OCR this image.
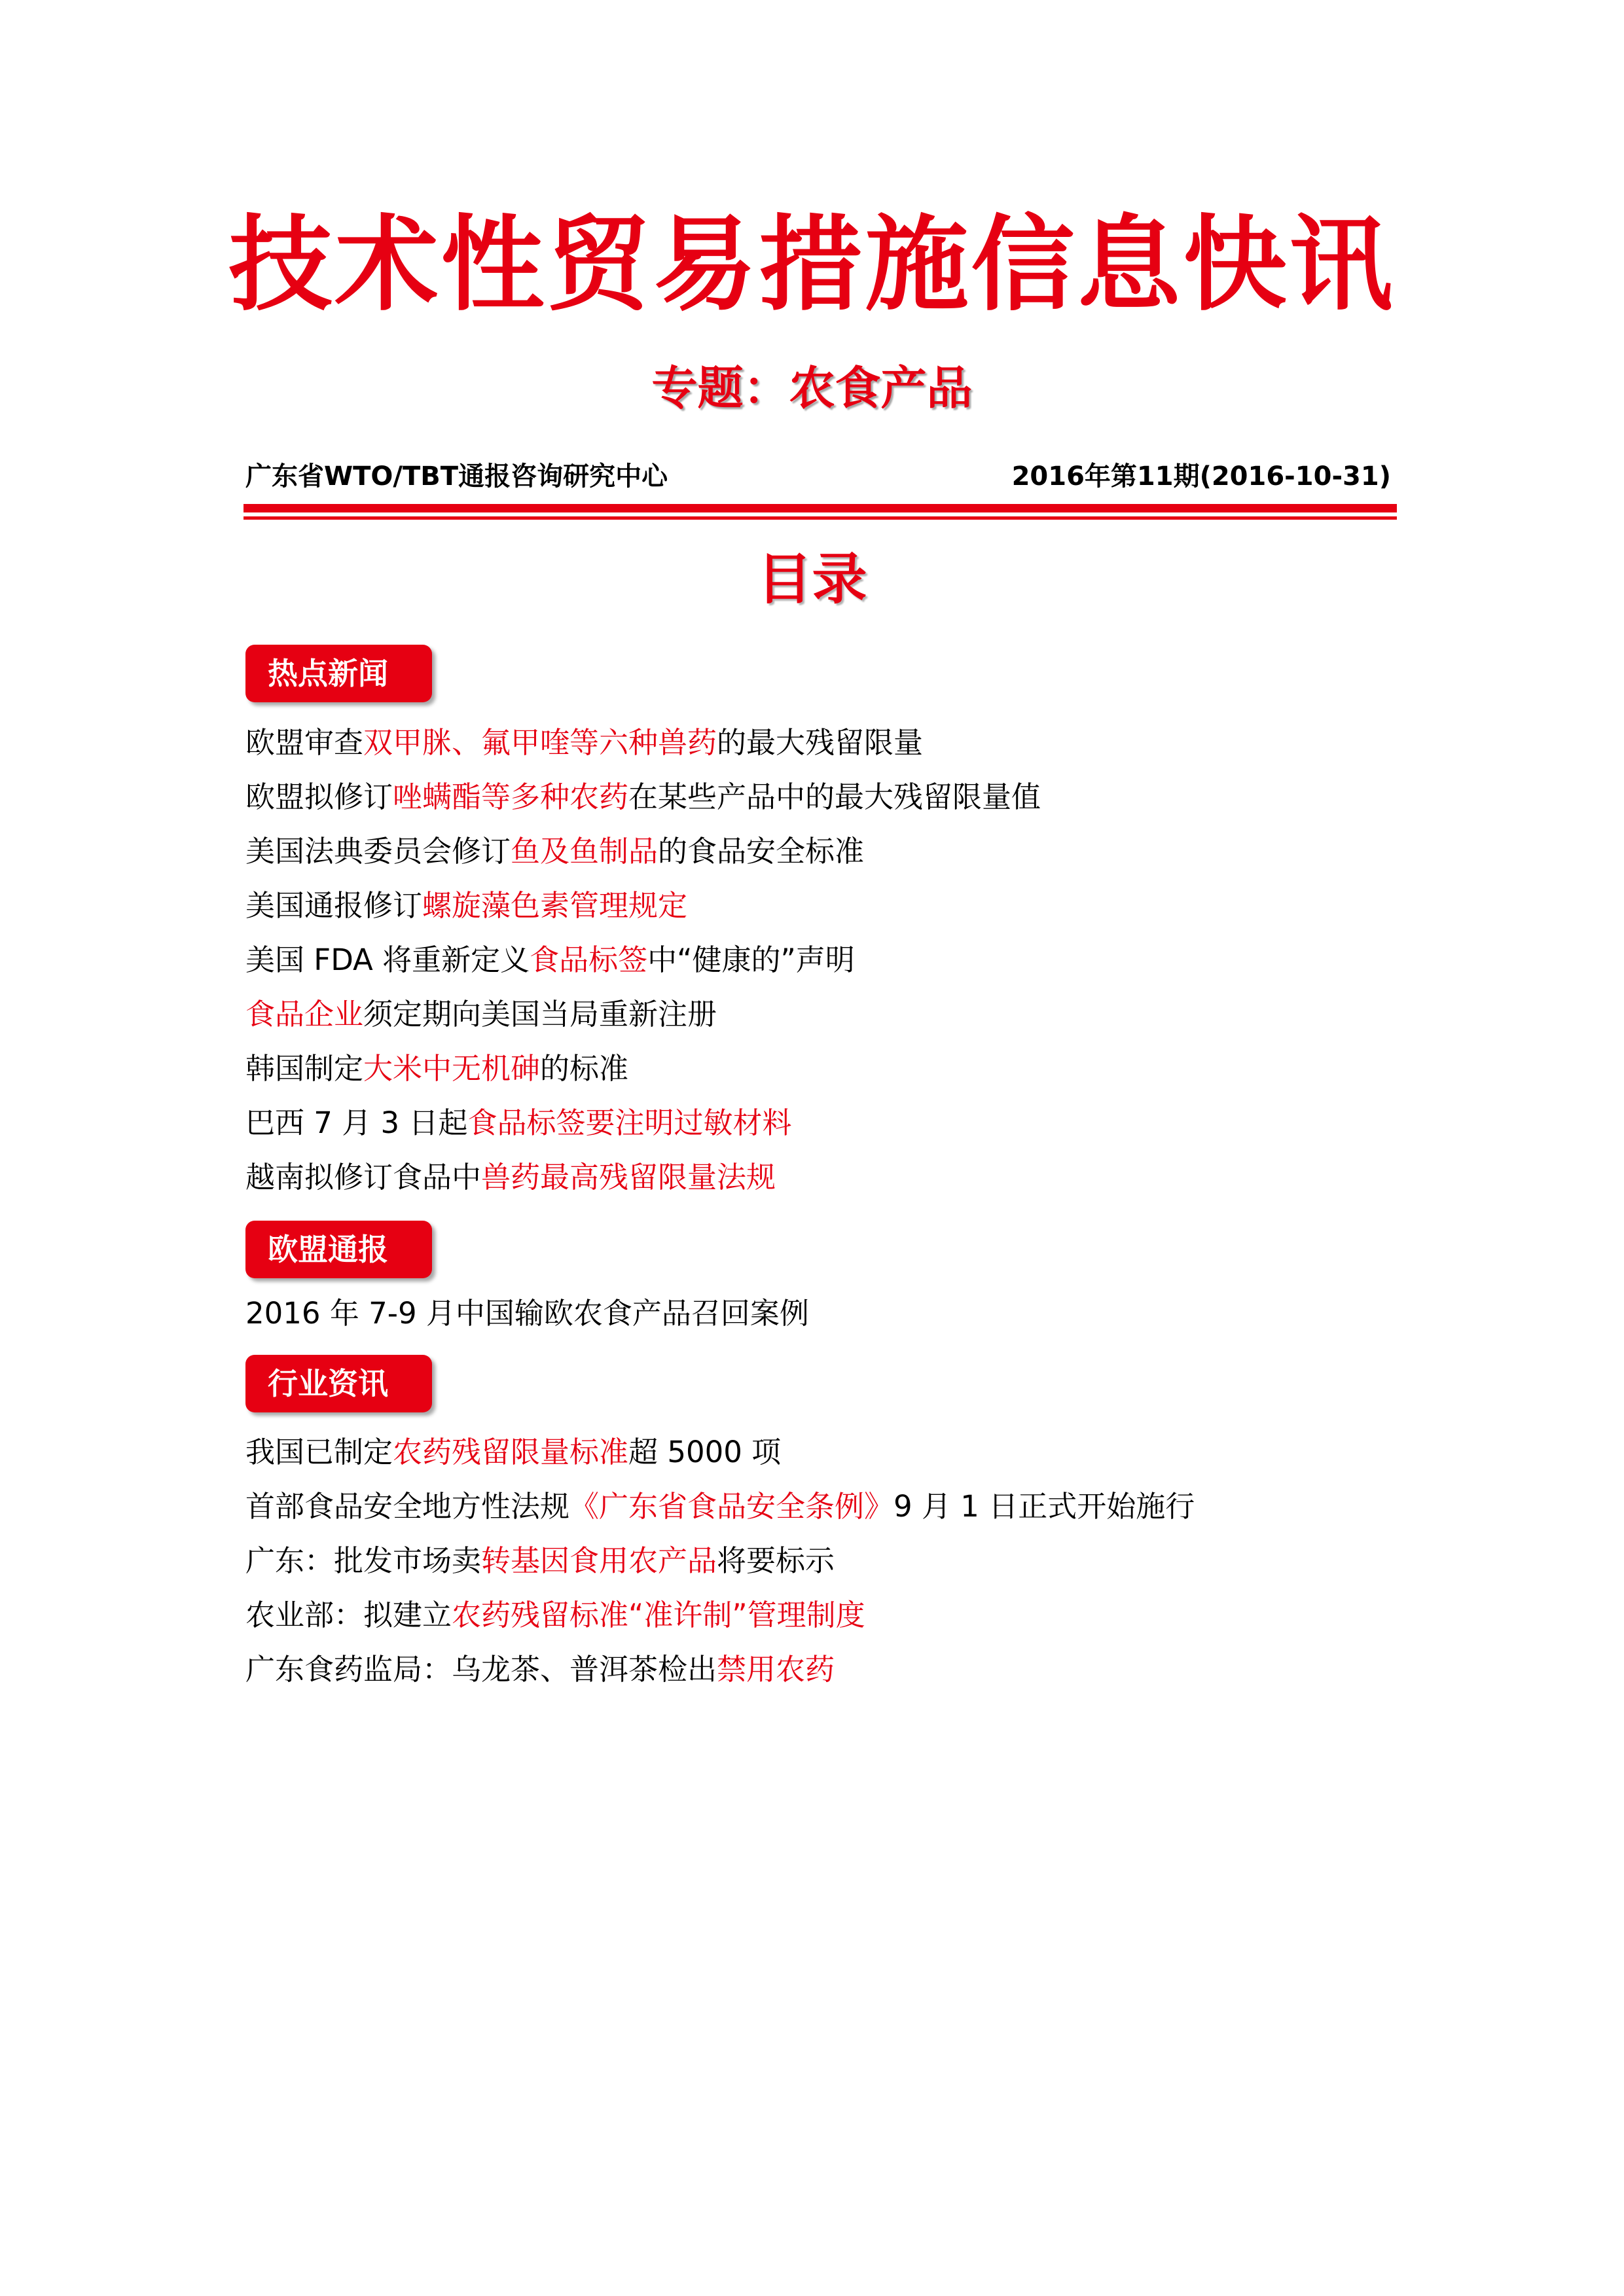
技术性贸易措施信息快讯
专题：农食产品
广东省WTO/TBT通报咨询研究中心	2016年第11期(2016-10-31)
目录
热点新闻
欧盟审查双甲脒、氟甲喹等六种兽药的最大残留限量
欧盟拟修订唑螨酯等多种农药在某些产品中的最大残留限量值
美国法典委员会修订鱼及鱼制品的食品安全标准
美国通报修订螺旋藻色素管理规定
美国 FDA 将重新定义食品标签中“健康的”声明
食品企业须定期向美国当局重新注册
韩国制定大米中无机砷的标准
巴西 7 月 3 日起食品标签要注明过敏材料
越南拟修订食品中兽药最高残留限量法规
欧盟通报
2016 年 7-9 月中国输欧农食产品召回案例
行业资讯
我国已制定农药残留限量标准超 5000 项
首部食品安全地方性法规《广东省食品安全条例》9 月 1 日正式开始施行
广东：批发市场卖转基因食用农产品将要标示
农业部：拟建立农药残留标准“准许制”管理制度
广东食药监局：乌龙茶、普洱茶检出禁用农药
